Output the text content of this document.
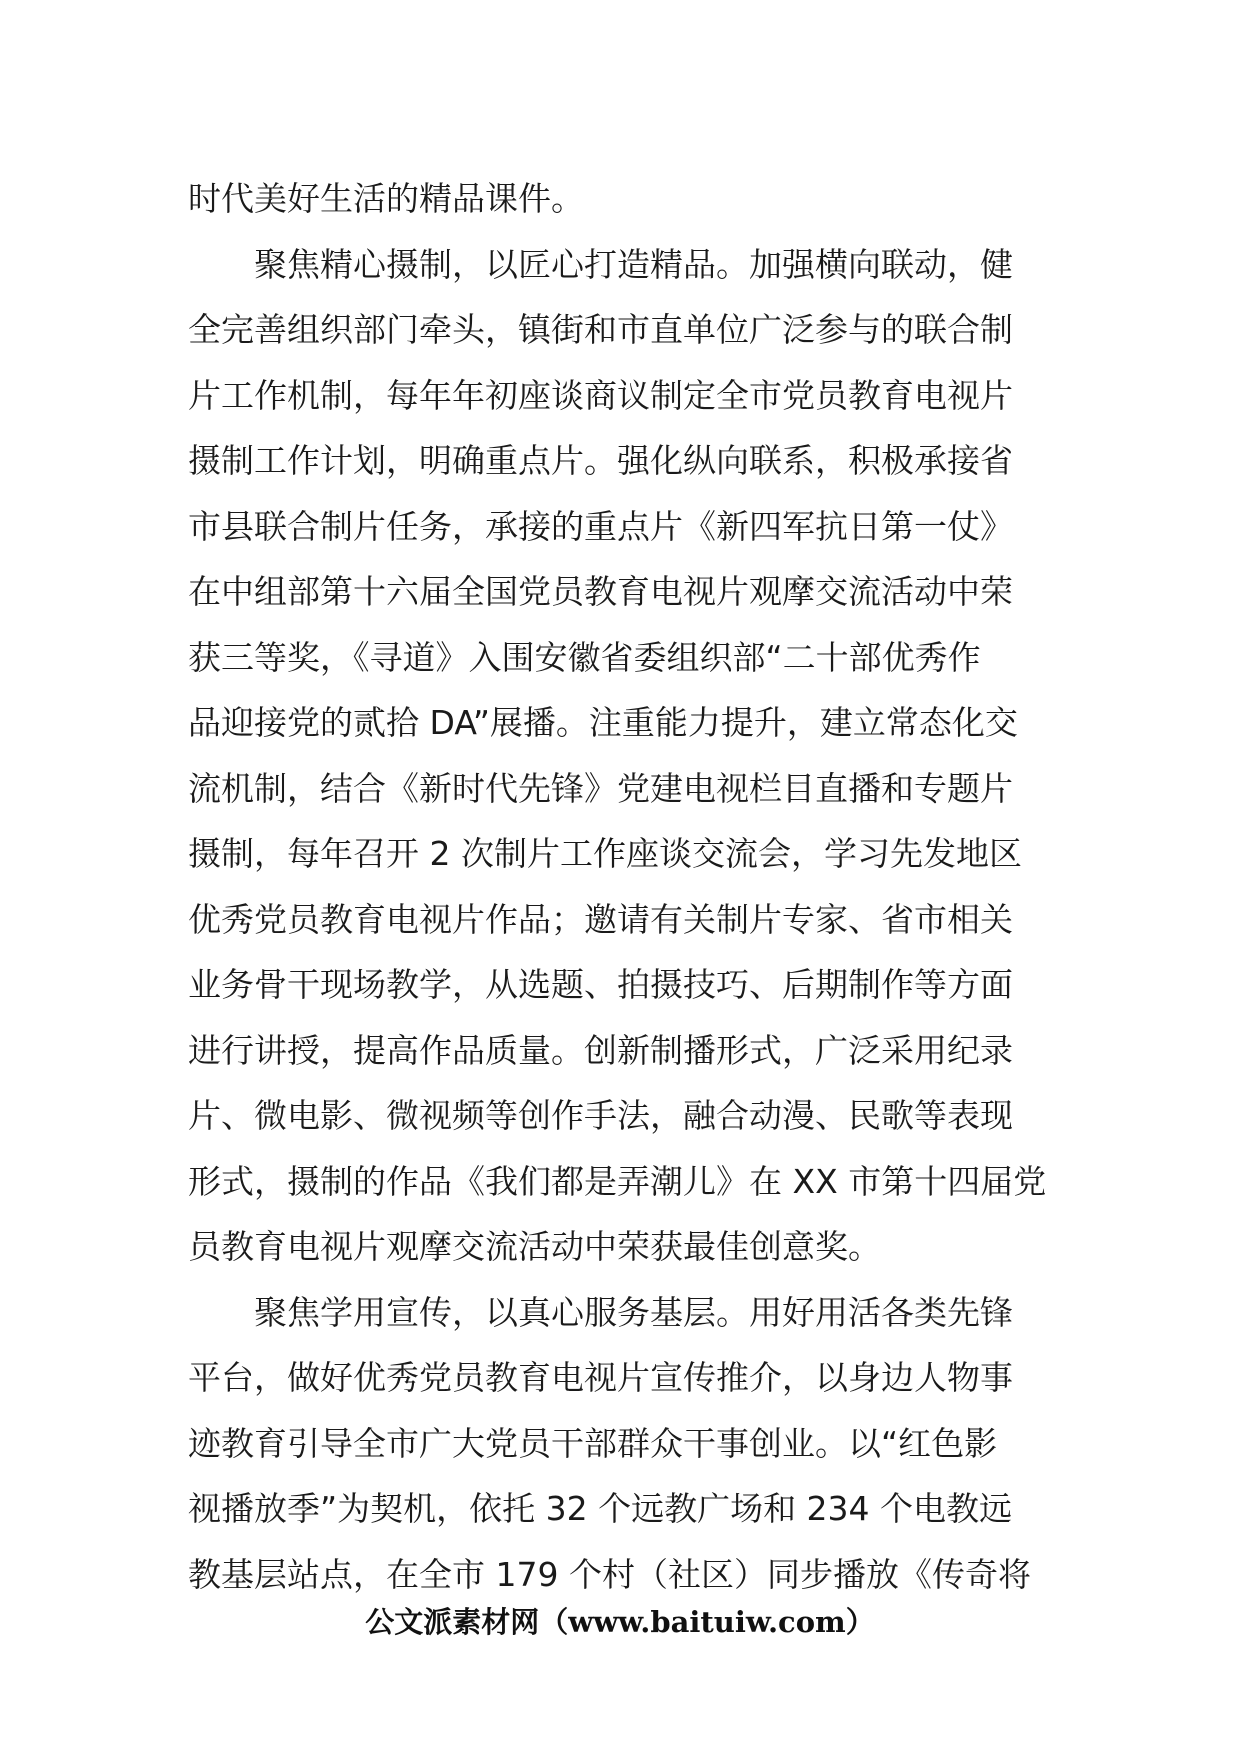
时代美好生活的精品课件。
　　聚焦精心摄制，以匠心打造精品。加强横向联动，健
全完善组织部门牵头，镇街和市直单位广泛参与的联合制
片工作机制，每年年初座谈商议制定全市党员教育电视片
摄制工作计划，明确重点片。强化纵向联系，积极承接省
市县联合制片任务，承接的重点片《新四军抗日第一仗》
在中组部第十六届全国党员教育电视片观摩交流活动中荣
获三等奖，《寻道》入围安徽省委组织部“二十部优秀作
品迎接党的贰拾 DA”展播。注重能力提升，建立常态化交
流机制，结合《新时代先锋》党建电视栏目直播和专题片
摄制，每年召开 2 次制片工作座谈交流会，学习先发地区
优秀党员教育电视片作品；邀请有关制片专家、省市相关
业务骨干现场教学，从选题、拍摄技巧、后期制作等方面
进行讲授，提高作品质量。创新制播形式，广泛采用纪录
片、微电影、微视频等创作手法，融合动漫、民歌等表现
形式，摄制的作品《我们都是弄潮儿》在 XX 市第十四届党
员教育电视片观摩交流活动中荣获最佳创意奖。
　　聚焦学用宣传，以真心服务基层。用好用活各类先锋
平台，做好优秀党员教育电视片宣传推介，以身边人物事
迹教育引导全市广大党员干部群众干事创业。以“红色影
视播放季”为契机，依托 32 个远教广场和 234 个电教远
教基层站点，在全市 179 个村（社区）同步播放《传奇将
公文派素材网（www.baituiw.com）
